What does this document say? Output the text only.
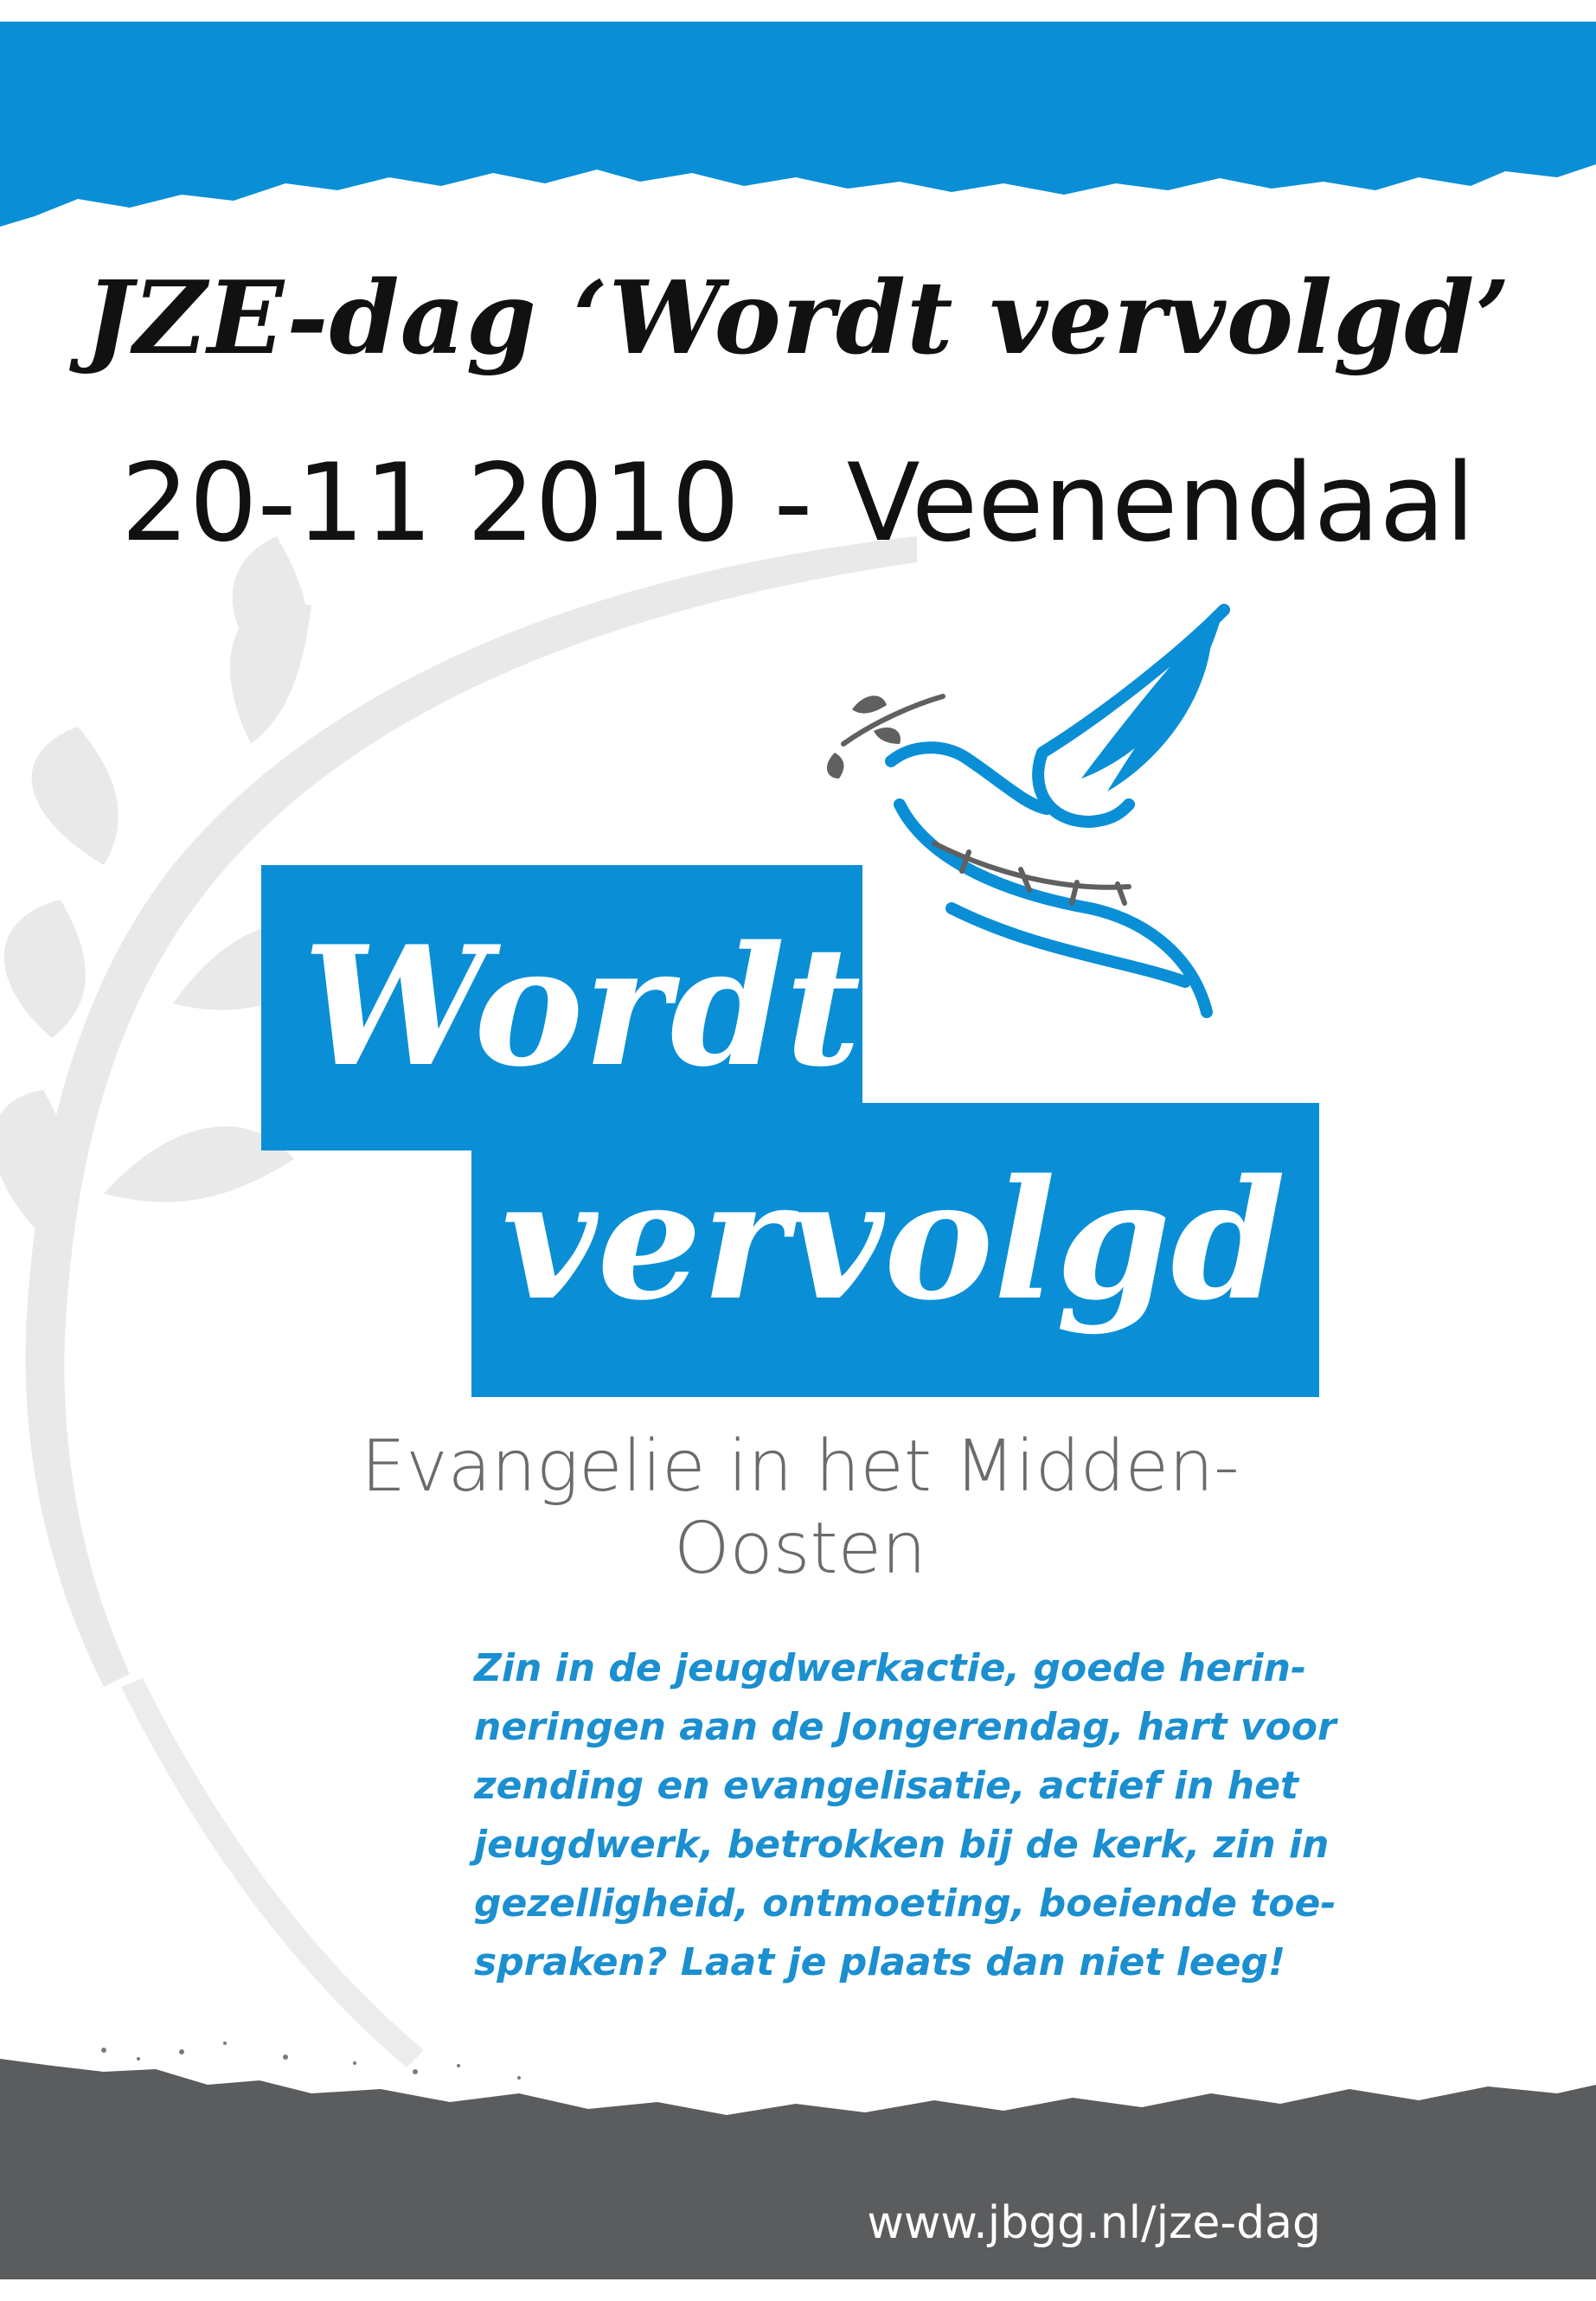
JZE-dag ‘Wordt vervolgd’
20-11 2010 - Veenendaal
Wordt
vervolgd
Evangelie in het Midden-Oosten
Zin in de jeugdwerkactie, goede herin-
neringen aan de Jongerendag, hart voor
zending en evangelisatie, actief in het
jeugdwerk, betrokken bij de kerk, zin in
gezelligheid, ontmoeting, boeiende toe-
spraken? Laat je plaats dan niet leeg!
www.jbgg.nl/jze-dag
